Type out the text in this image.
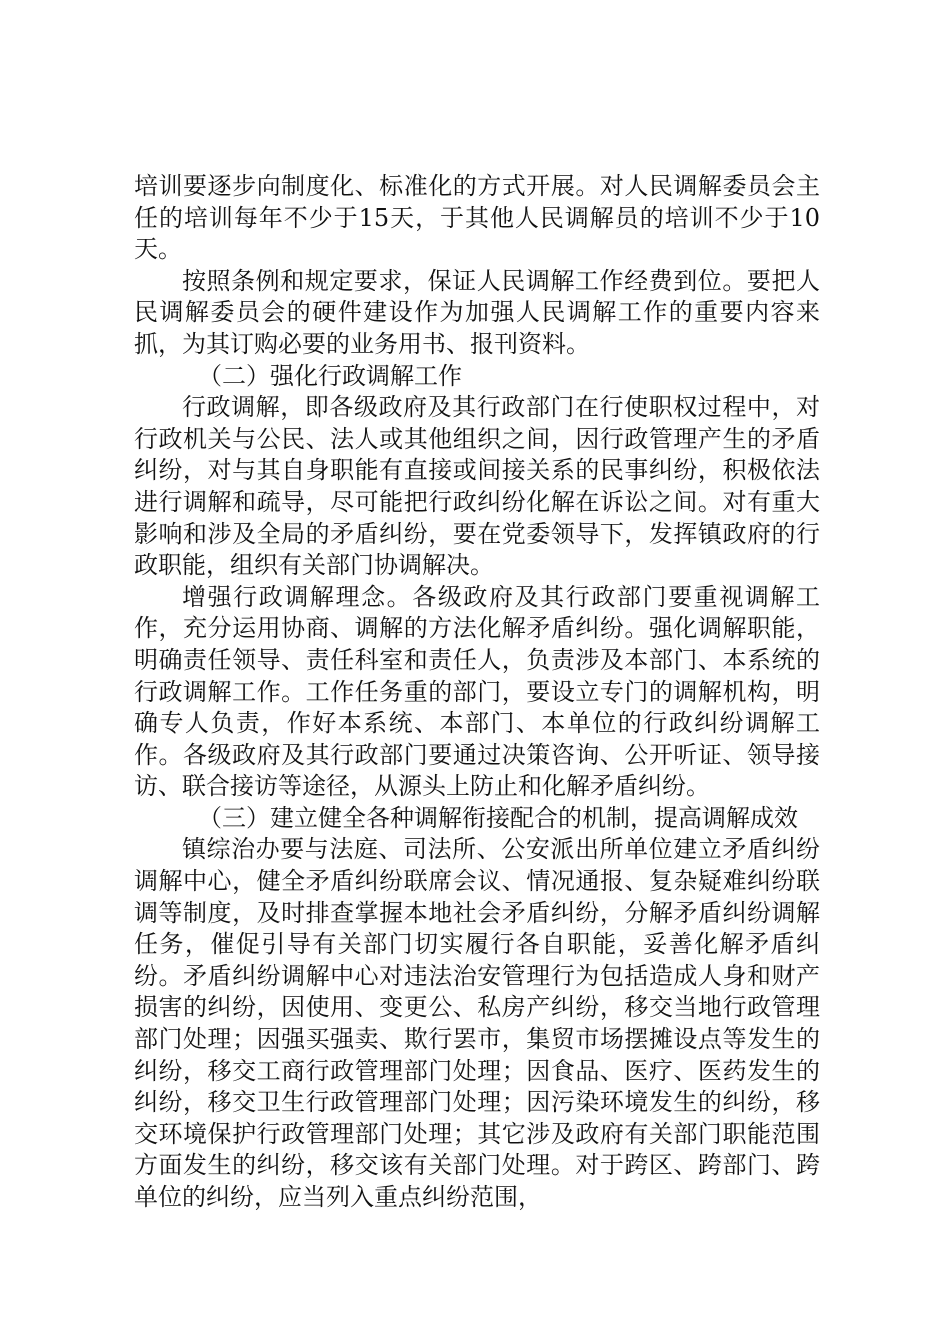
培训要逐步向制度化、标准化的方式开展。对人民调解委员会主任的培训每年不少于15天，于其他人民调解员的培训不少于10天。

按照条例和规定要求，保证人民调解工作经费到位。要把人民调解委员会的硬件建设作为加强人民调解工作的重要内容来抓，为其订购必要的业务用书、报刊资料。

（二）强化行政调解工作

行政调解，即各级政府及其行政部门在行使职权过程中，对行政机关与公民、法人或其他组织之间，因行政管理产生的矛盾纠纷，对与其自身职能有直接或间接关系的民事纠纷，积极依法进行调解和疏导，尽可能把行政纠纷化解在诉讼之间。对有重大影响和涉及全局的矛盾纠纷，要在党委领导下，发挥镇政府的行政职能，组织有关部门协调解决。

增强行政调解理念。各级政府及其行政部门要重视调解工作，充分运用协商、调解的方法化解矛盾纠纷。强化调解职能，明确责任领导、责任科室和责任人，负责涉及本部门、本系统的行政调解工作。工作任务重的部门，要设立专门的调解机构，明确专人负责，作好本系统、本部门、本单位的行政纠纷调解工作。各级政府及其行政部门要通过决策咨询、公开听证、领导接访、联合接访等途径，从源头上防止和化解矛盾纠纷。

（三）建立健全各种调解衔接配合的机制，提高调解成效

镇综治办要与法庭、司法所、公安派出所单位建立矛盾纠纷调解中心，健全矛盾纠纷联席会议、情况通报、复杂疑难纠纷联调等制度，及时排查掌握本地社会矛盾纠纷，分解矛盾纠纷调解任务，催促引导有关部门切实履行各自职能，妥善化解矛盾纠纷。矛盾纠纷调解中心对违法治安管理行为包括造成人身和财产损害的纠纷，因使用、变更公、私房产纠纷，移交当地行政管理部门处理；因强买强卖、欺行罢市，集贸市场摆摊设点等发生的纠纷，移交工商行政管理部门处理；因食品、医疗、医药发生的纠纷，移交卫生行政管理部门处理；因污染环境发生的纠纷，移交环境保护行政管理部门处理；其它涉及政府有关部门职能范围方面发生的纠纷，移交该有关部门处理。对于跨区、跨部门、跨单位的纠纷，应当列入重点纠纷范围，
